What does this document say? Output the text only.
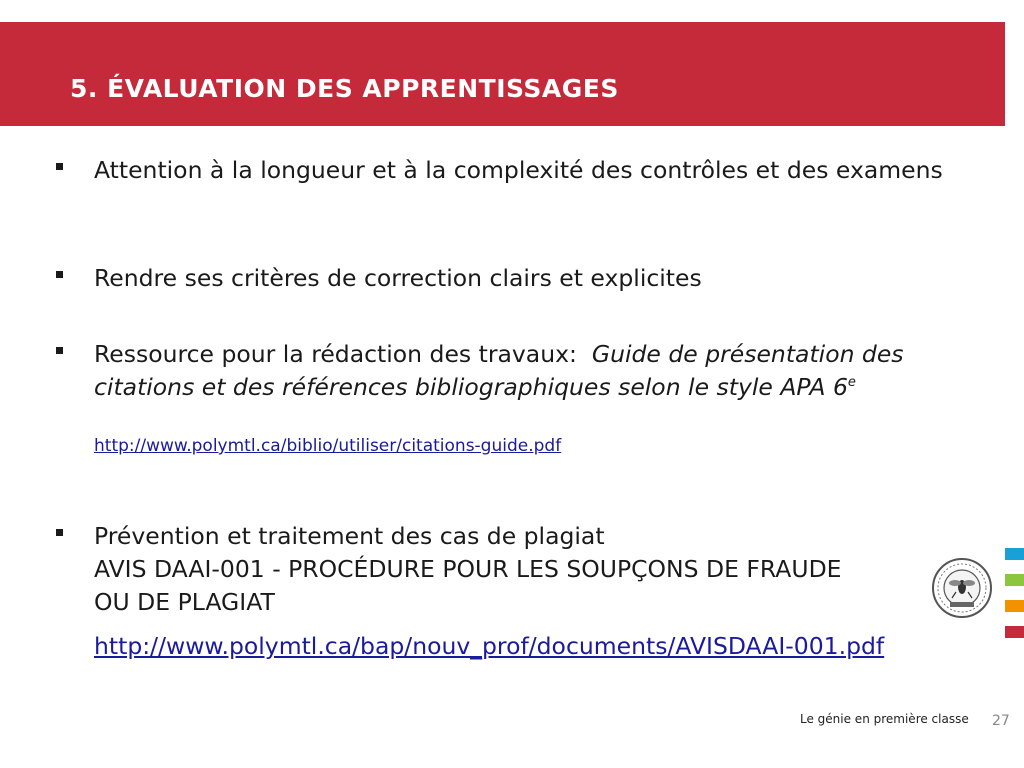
5. ÉVALUATION DES APPRENTISSAGES
Attention à la longueur et à la complexité des contrôles et des examens
Rendre ses critères de correction clairs et explicites
Ressource pour la rédaction des travaux: Guide de présentation des citations et des références bibliographiques selon le style APA 6e
http://www.polymtl.ca/biblio/utiliser/citations-guide.pdf
Prévention et traitement des cas de plagiat
AVIS DAAI-001 - PROCÉDURE POUR LES SOUPÇONS DE FRAUDE OU DE PLAGIAT
http://www.polymtl.ca/bap/nouv_prof/documents/AVISDAAI-001.pdf
Le génie en première classe 27
